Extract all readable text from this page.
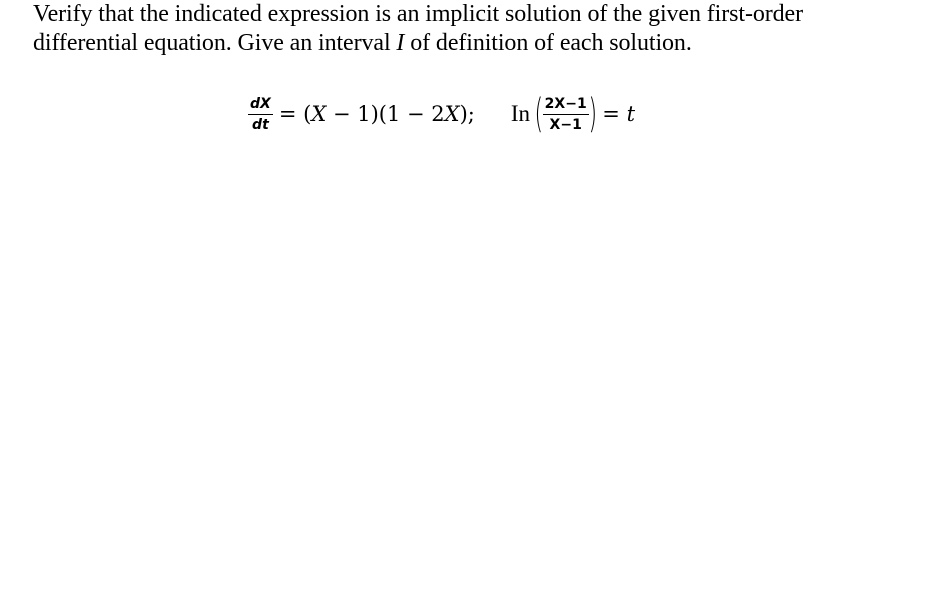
Verify that the indicated expression is an implicit solution of the given first-order
differential equation. Give an interval I of definition of each solution.

$\frac{dX}{dt} = (X - 1)(1 - 2X)$; In ( $\frac{2X-1}{X-1}$ ) = t
